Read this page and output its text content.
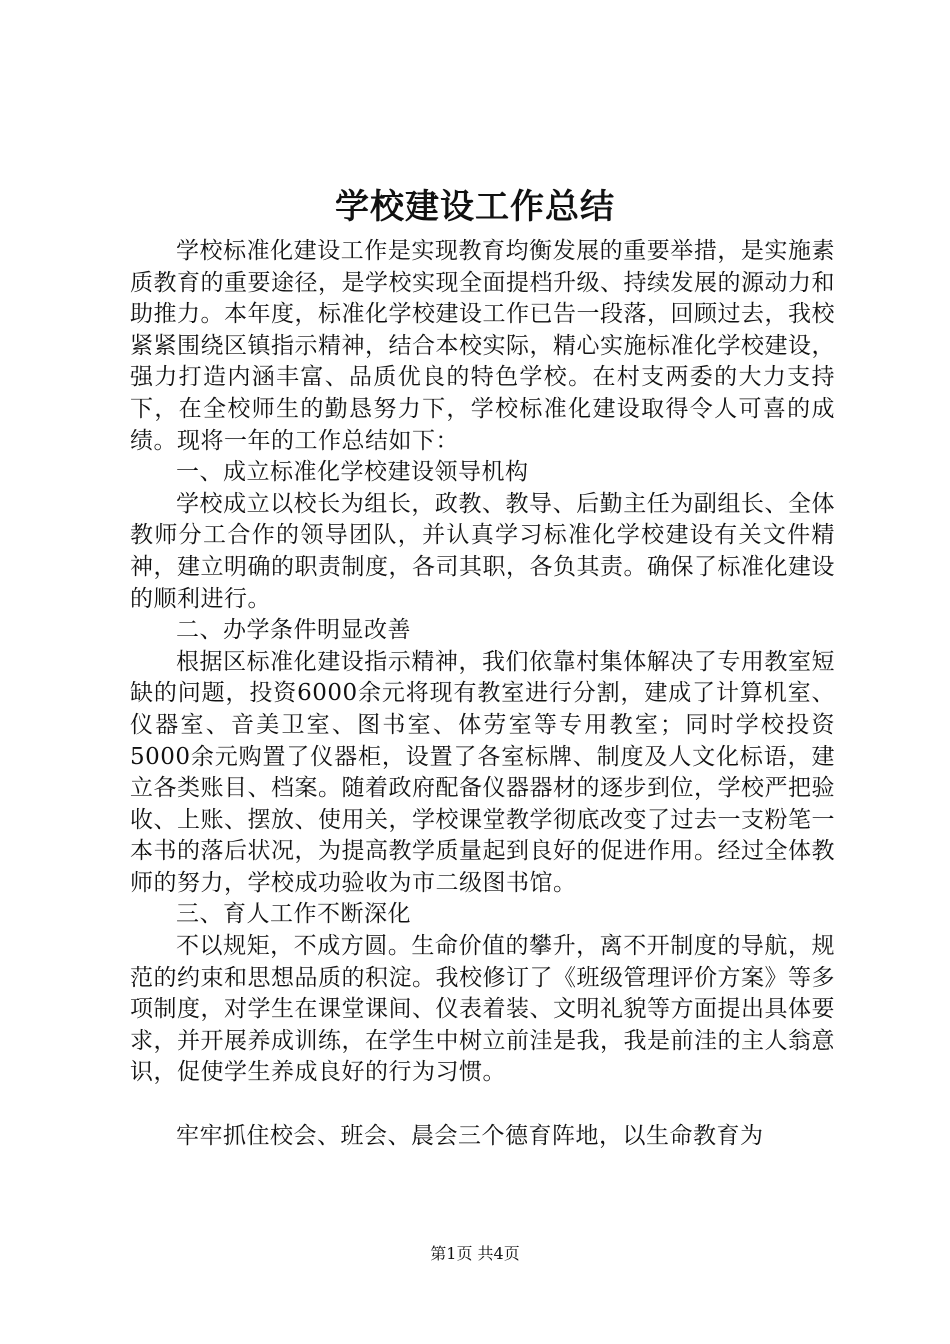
学校建设工作总结

学校标准化建设工作是实现教育均衡发展的重要举措，是实施素质教育的重要途径，是学校实现全面提档升级、持续发展的源动力和助推力。本年度，标准化学校建设工作已告一段落，回顾过去，我校紧紧围绕区镇指示精神，结合本校实际，精心实施标准化学校建设，强力打造内涵丰富、品质优良的特色学校。在村支两委的大力支持下，在全校师生的勤恳努力下，学校标准化建设取得令人可喜的成绩。现将一年的工作总结如下：

一、成立标准化学校建设领导机构

学校成立以校长为组长，政教、教导、后勤主任为副组长、全体教师分工合作的领导团队，并认真学习标准化学校建设有关文件精神，建立明确的职责制度，各司其职，各负其责。确保了标准化建设的顺利进行。

二、办学条件明显改善

根据区标准化建设指示精神，我们依靠村集体解决了专用教室短缺的问题，投资6000余元将现有教室进行分割，建成了计算机室、仪器室、音美卫室、图书室、体劳室等专用教室；同时学校投资5000余元购置了仪器柜，设置了各室标牌、制度及人文化标语，建立各类账目、档案。随着政府配备仪器器材的逐步到位，学校严把验收、上账、摆放、使用关，学校课堂教学彻底改变了过去一支粉笔一本书的落后状况，为提高教学质量起到良好的促进作用。经过全体教师的努力，学校成功验收为市二级图书馆。

三、育人工作不断深化

不以规矩，不成方圆。生命价值的攀升，离不开制度的导航，规范的约束和思想品质的积淀。我校修订了《班级管理评价方案》等多项制度，对学生在课堂课间、仪表着装、文明礼貌等方面提出具体要求，并开展养成训练，在学生中树立前洼是我，我是前洼的主人翁意识，促使学生养成良好的行为习惯。

牢牢抓住校会、班会、晨会三个德育阵地，以生命教育为

第1页 共4页
